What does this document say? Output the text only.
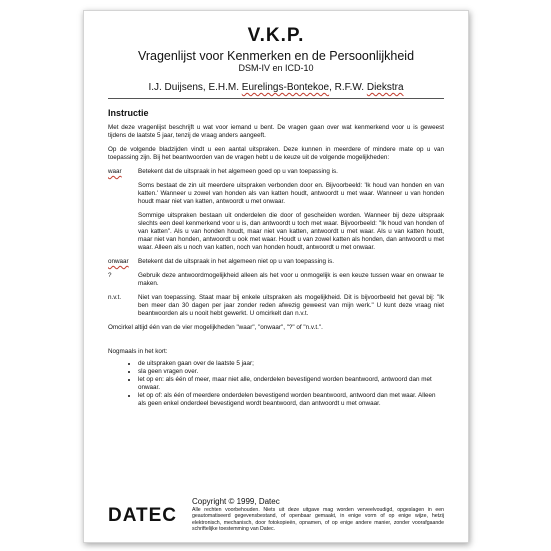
V.K.P.
Vragenlijst voor Kenmerken en de Persoonlijkheid
DSM-IV en ICD-10
I.J. Duijsens, E.H.M. Eurelings-Bontekoe, R.F.W. Diekstra
Instructie
Met deze vragenlijst beschrijft u wat voor iemand u bent. De vragen gaan over wat kenmerkend voor u is geweest tijdens de laatste 5 jaar, tenzij de vraag anders aangeeft.
Op de volgende bladzijden vindt u een aantal uitspraken. Deze kunnen in meerdere of mindere mate op u van toepassing zijn. Bij het beantwoorden van de vragen hebt u de keuze uit de volgende mogelijkheden:
waar	Betekent dat de uitspraak in het algemeen goed op u van toepassing is.
Soms bestaat de zin uit meerdere uitspraken verbonden door en. Bijvoorbeeld: 'Ik houd van honden en van katten.' Wanneer u zowel van honden als van katten houdt, antwoordt u met waar. Wanneer u van honden houdt maar niet van katten, antwoordt u met onwaar.
Sommige uitspraken bestaan uit onderdelen die door of gescheiden worden. Wanneer bij deze uitspraak slechts een deel kenmerkend voor u is, dan antwoordt u toch met waar. Bijvoorbeeld: "Ik houd van honden of van katten". Als u van honden houdt, maar niet van katten, antwoordt u met waar. Als u van katten houdt, maar niet van honden, antwoordt u ook met waar. Houdt u van zowel katten als honden, dan antwoordt u met waar. Alleen als u noch van katten, noch van honden houdt, antwoordt u met onwaar.
onwaar	Betekent dat de uitspraak in het algemeen niet op u van toepassing is.
?	Gebruik deze antwoordmogelijkheid alleen als het voor u onmogelijk is een keuze tussen waar en onwaar te maken.
n.v.t.	Niet van toepassing. Staat maar bij enkele uitspraken als mogelijkheid. Dit is bijvoorbeeld het geval bij: "Ik ben meer dan 30 dagen per jaar zonder reden afwezig geweest van mijn werk." U kunt deze vraag niet beantwoorden als u nooit hebt gewerkt. U omcirkelt dan n.v.t.
Omcirkel altijd één van de vier mogelijkheden "waar", "onwaar", "?" of "n.v.t.".
Nogmaals in het kort:
• de uitspraken gaan over de laatste 5 jaar;
• sla geen vragen over.
• let op en: als één of meer, maar niet alle, onderdelen bevestigend worden beantwoord, antwoord dan met onwaar.
• let op of: als één of meerdere onderdelen bevestigend worden beantwoord, antwoord dan met waar. Alleen als geen enkel onderdeel bevestigend wordt beantwoord, dan antwoordt u met onwaar.
DATEC
Copyright © 1999, Datec
Alle rechten voorbehouden. Niets uit deze uitgave mag worden verveelvoudigd, opgeslagen in een geautomatiseerd gegevensbestand, of openbaar gemaakt, in enige vorm of op enige wijze, hetzij elektronisch, mechanisch, door fotokopieën, opnamen, of op enige andere manier, zonder voorafgaande schriftelijke toestemming van Datec.
